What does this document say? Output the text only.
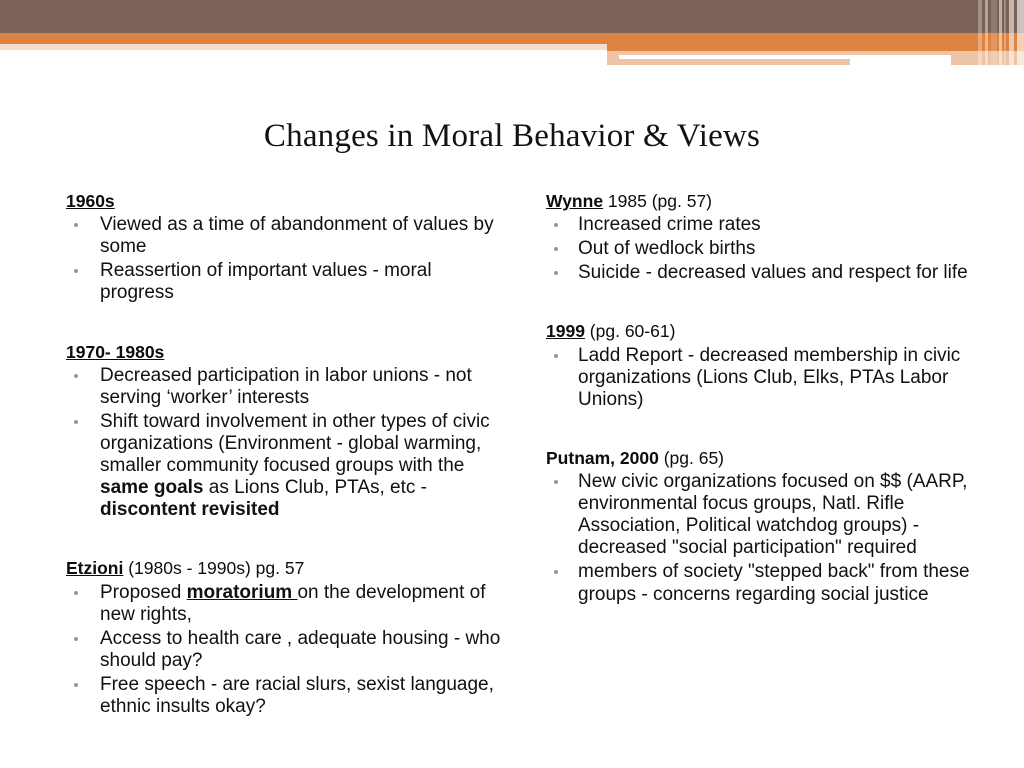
Changes in Moral Behavior & Views
1960s
Viewed as a time of abandonment of values by some
Reassertion of important values - moral progress
1970- 1980s
Decreased participation in labor unions - not serving ‘worker’ interests
Shift toward involvement in other types of civic organizations (Environment - global warming, smaller community focused groups with the same goals as Lions Club, PTAs, etc - discontent revisited
Etzioni (1980s - 1990s) pg. 57
Proposed moratorium on the development of new rights,
Access to health care , adequate housing - who should pay?
Free speech - are racial slurs, sexist language, ethnic insults okay?
Wynne 1985 (pg. 57)
Increased crime rates
Out of wedlock births
Suicide - decreased values and respect for life
1999 (pg. 60-61)
Ladd Report - decreased membership in civic organizations (Lions Club, Elks, PTAs Labor Unions)
Putnam, 2000 (pg. 65)
New civic organizations focused on $$ (AARP, environmental focus groups, Natl. Rifle Association, Political watchdog groups) - decreased "social participation" required
members of society "stepped back" from these groups - concerns regarding social justice
